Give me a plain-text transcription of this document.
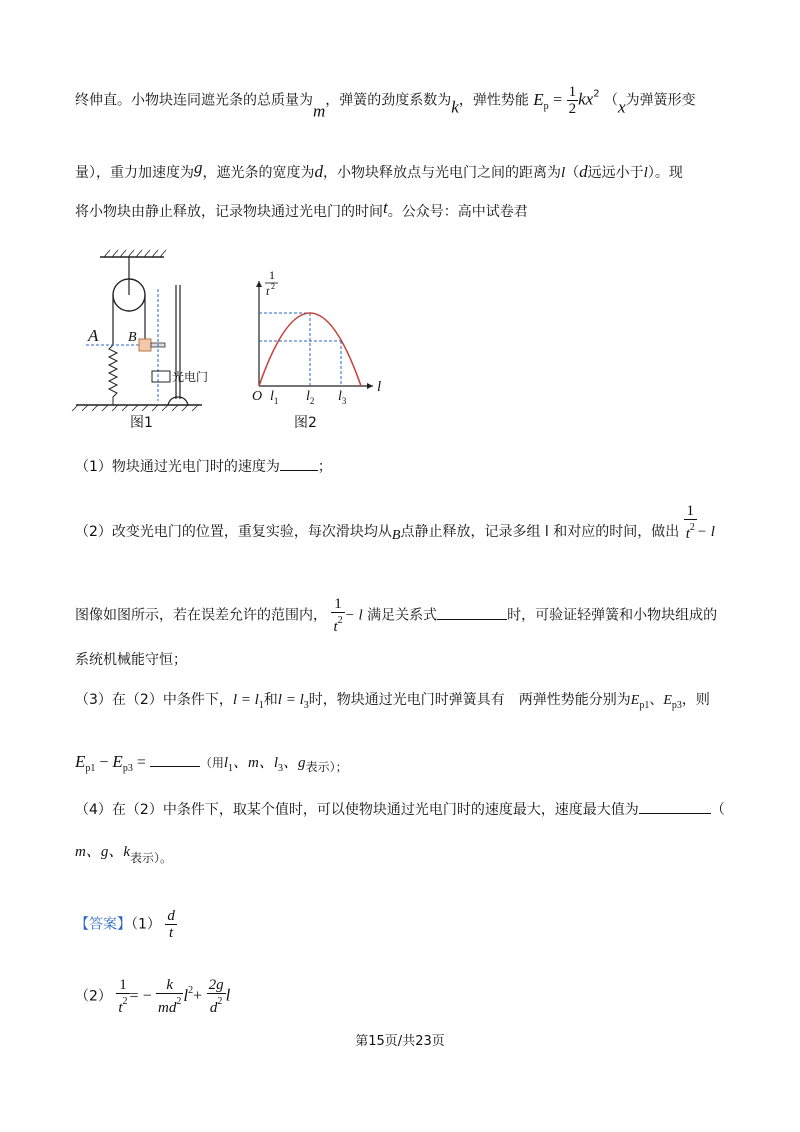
终伸直。小物块连同遮光条的总质量为m，弹簧的劲度系数为k，弹性势能 $E_p = \frac{1}{2} kx^2$ （x为弹簧形变
量），重力加速度为g，遮光条的宽度为d，小物块释放点与光电门之间的距离为l（d远远小于l）。现
将小物块由静止释放，记录物块通过光电门的时间t。公众号：高中试卷君
A B
光电门
图1
1
t 2
O $l_1$ $l_2$ $l_3$
l
图2
（1）物块通过光电门时的速度为	；
（2）改变光电门的位置，重复实验，每次滑块均从B点静止释放，记录多组 l 和对应的时间，做出 $\frac{1}{t^2} - l$
图像如图所示，若在误差允许的范围内， $\frac{1}{t^2} - l$ 满足关系式	时，可验证轻弹簧和小物块组成的
系统机械能守恒；
（3）在（2）中条件下，$l = l_1$和$l = l_3$时，物块通过光电门时弹簧具有　两弹性势能分别为$E_{p1}$、$E_{p3}$，则
$E_{p1} - E_{p3}$ =	（用$l_1$、m、$l_3$、g表示）；
（4）在（2）中条件下，取某个值时，可以使物块通过光电门时的速度最大，速度最大值为	（
m、g、k表示）。
【答案】$(1) \frac{d}{t}$
$(2) \frac{1}{t^2}$ = − $\frac{k}{md^2} l^2+ \frac{2g}{d^2}$ l
第15页/共23页
